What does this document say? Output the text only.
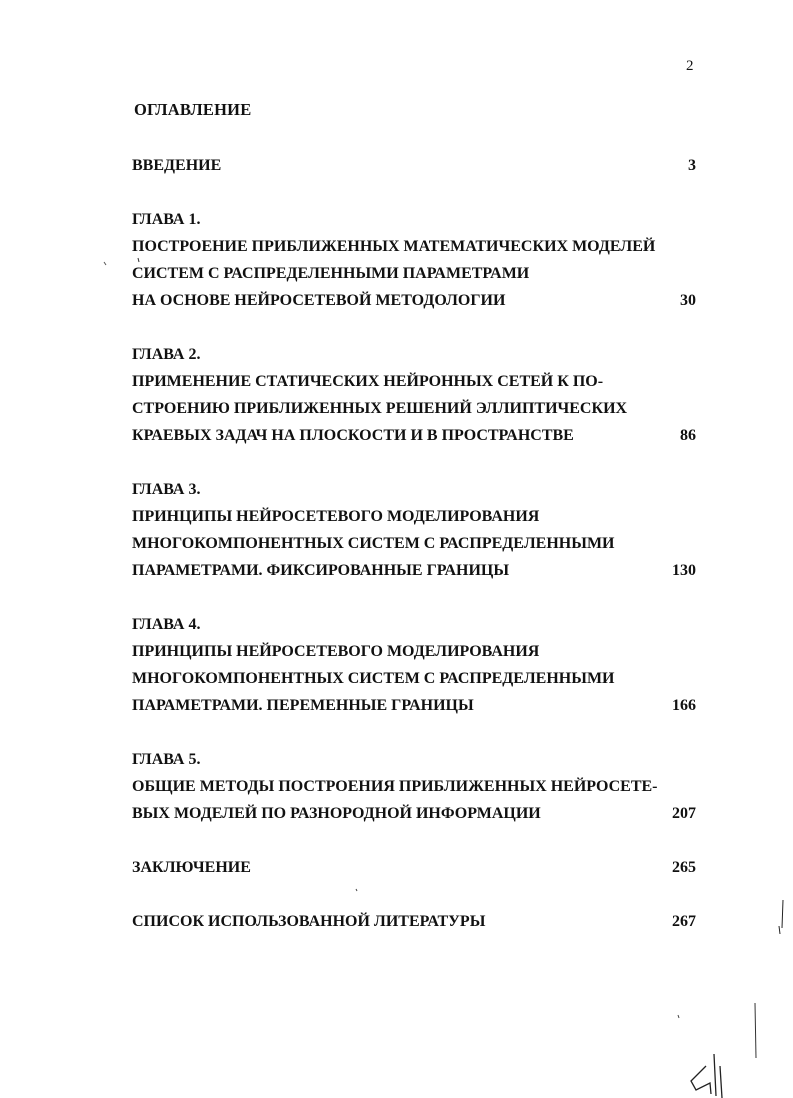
2
ОГЛАВЛЕНИЕ
ВВЕДЕНИЕ	3
ГЛАВА 1.
ПОСТРОЕНИЕ ПРИБЛИЖЕННЫХ МАТЕМАТИЧЕСКИХ МОДЕЛЕЙ
СИСТЕМ С РАСПРЕДЕЛЕННЫМИ ПАРАМЕТРАМИ
НА ОСНОВЕ НЕЙРОСЕТЕВОЙ МЕТОДОЛОГИИ	30
ГЛАВА 2.
ПРИМЕНЕНИЕ СТАТИЧЕСКИХ НЕЙРОННЫХ СЕТЕЙ К ПО-
СТРОЕНИЮ ПРИБЛИЖЕННЫХ РЕШЕНИЙ ЭЛЛИПТИЧЕСКИХ
КРАЕВЫХ ЗАДАЧ НА ПЛОСКОСТИ И В ПРОСТРАНСТВЕ	86
ГЛАВА 3.
ПРИНЦИПЫ НЕЙРОСЕТЕВОГО МОДЕЛИРОВАНИЯ
МНОГОКОМПОНЕНТНЫХ СИСТЕМ С РАСПРЕДЕЛЕННЫМИ
ПАРАМЕТРАМИ. ФИКСИРОВАННЫЕ ГРАНИЦЫ	130
ГЛАВА 4.
ПРИНЦИПЫ НЕЙРОСЕТЕВОГО МОДЕЛИРОВАНИЯ
МНОГОКОМПОНЕНТНЫХ СИСТЕМ С РАСПРЕДЕЛЕННЫМИ
ПАРАМЕТРАМИ. ПЕРЕМЕННЫЕ ГРАНИЦЫ	166
ГЛАВА 5.
ОБЩИЕ МЕТОДЫ ПОСТРОЕНИЯ ПРИБЛИЖЕННЫХ НЕЙРОСЕТЕ-
ВЫХ МОДЕЛЕЙ ПО РАЗНОРОДНОЙ ИНФОРМАЦИИ	207
ЗАКЛЮЧЕНИЕ	265
СПИСОК ИСПОЛЬЗОВАННОЙ ЛИТЕРАТУРЫ	267
